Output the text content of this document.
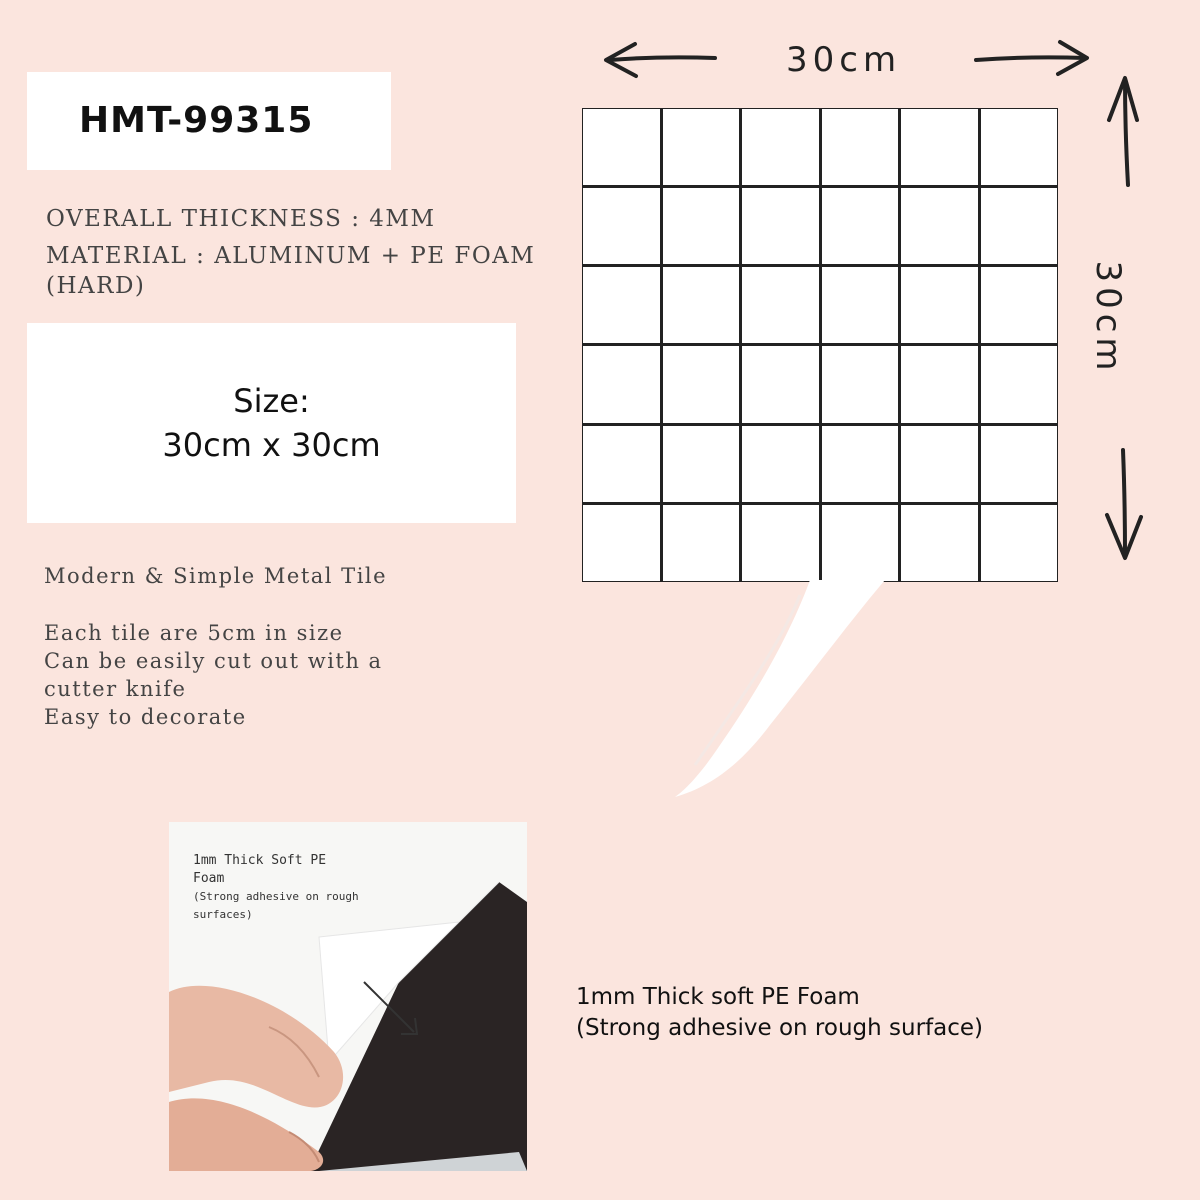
HMT-99315
OVERALL THICKNESS : 4MM
MATERIAL : ALUMINUM + PE FOAM
(HARD)
Size:
30cm x 30cm
Modern & Simple Metal Tile
Each tile are 5cm in size
Can be easily cut out with a
cutter knife
Easy to decorate
30cm
30cm
1mm Thick Soft PE
Foam
(Strong adhesive on rough
surfaces)
1mm Thick soft PE Foam
(Strong adhesive on rough surface)
